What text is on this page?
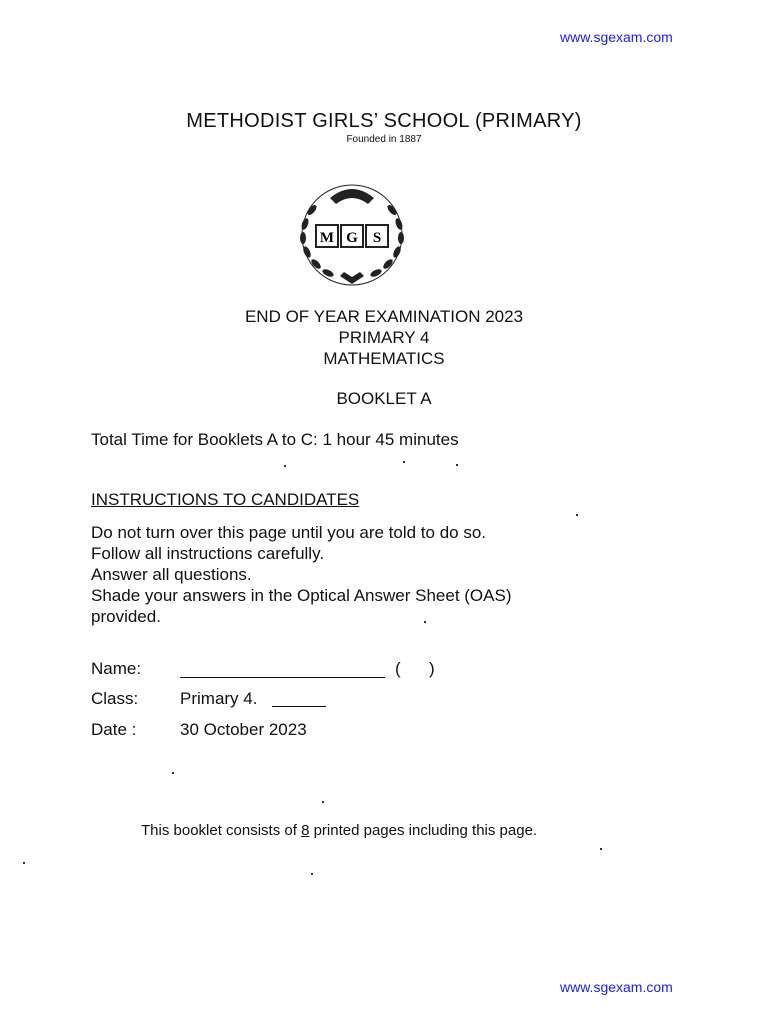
www.sgexam.com
METHODIST GIRLS’ SCHOOL (PRIMARY)
Founded in 1887
M G S
END OF YEAR EXAMINATION 2023
PRIMARY 4
MATHEMATICS
BOOKLET A
Total Time for Booklets A to C: 1 hour 45 minutes
INSTRUCTIONS TO CANDIDATES
Do not turn over this page until you are told to do so.
Follow all instructions carefully.
Answer all questions.
Shade your answers in the Optical Answer Sheet (OAS)
provided.
Name:	(      )
Class: Primary 4.
Date :	30 October 2023
This booklet consists of 8 printed pages including this page.
www.sgexam.com
